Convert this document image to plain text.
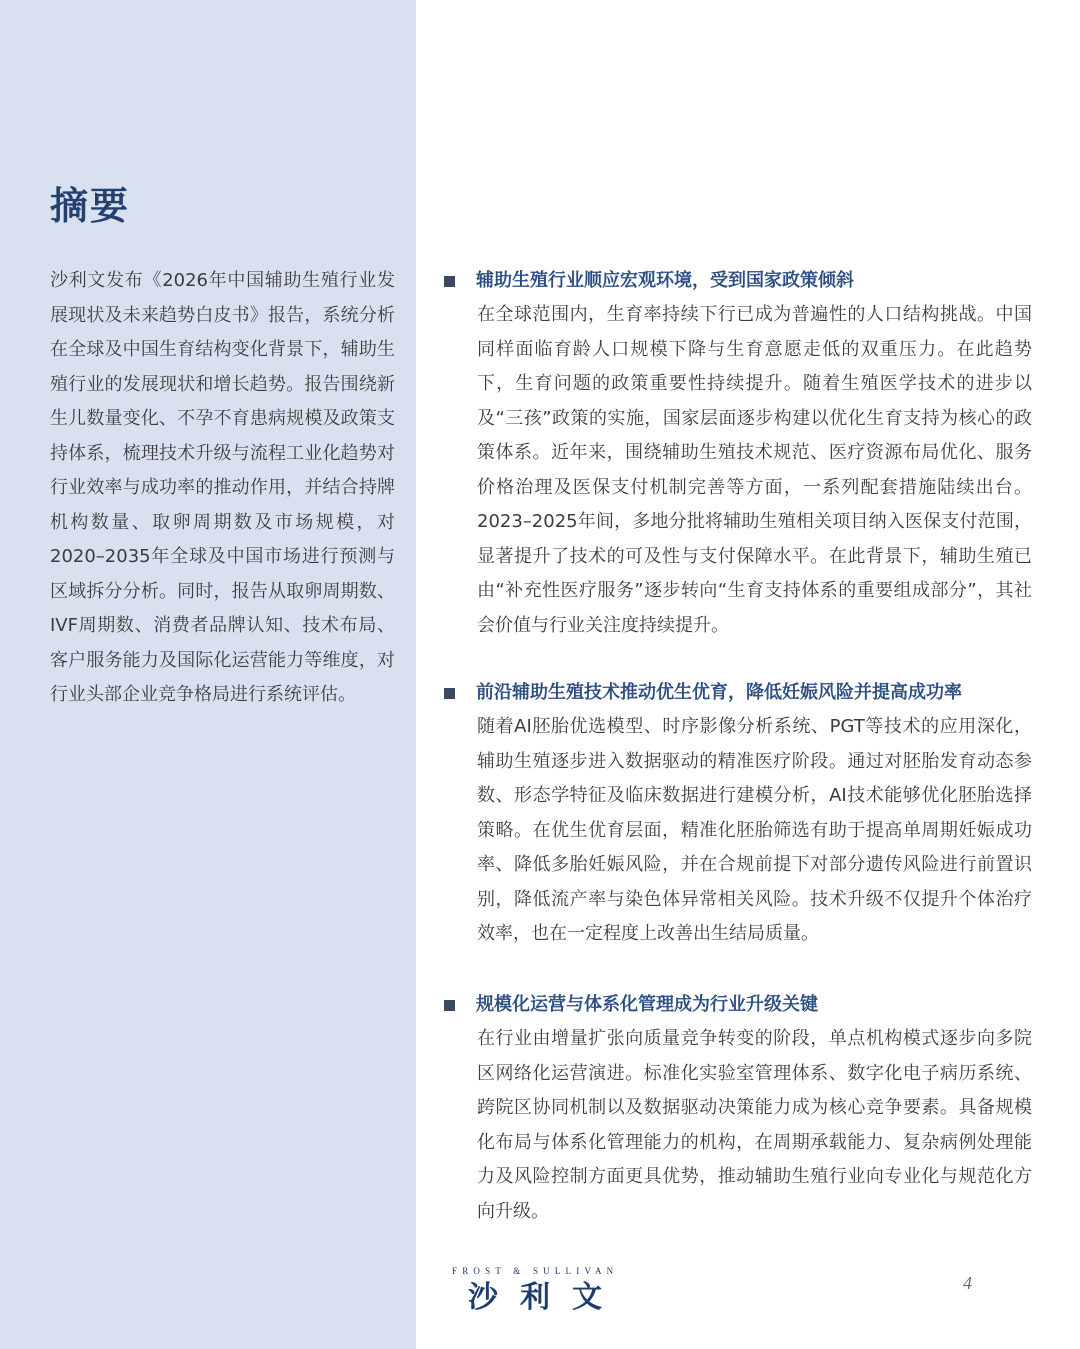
摘要
沙利文发布《2026年中国辅助生殖行业发展现状及未来趋势白皮书》报告，系统分析在全球及中国生育结构变化背景下，辅助生殖行业的发展现状和增长趋势。报告围绕新生儿数量变化、不孕不育患病规模及政策支持体系，梳理技术升级与流程工业化趋势对行业效率与成功率的推动作用，并结合持牌机构数量、取卵周期数及市场规模，对2020–2035年全球及中国市场进行预测与区域拆分分析。同时，报告从取卵周期数、IVF周期数、消费者品牌认知、技术布局、客户服务能力及国际化运营能力等维度，对行业头部企业竞争格局进行系统评估。
辅助生殖行业顺应宏观环境，受到国家政策倾斜
在全球范围内，生育率持续下行已成为普遍性的人口结构挑战。中国同样面临育龄人口规模下降与生育意愿走低的双重压力。在此趋势下，生育问题的政策重要性持续提升。随着生殖医学技术的进步以及“三孩”政策的实施，国家层面逐步构建以优化生育支持为核心的政策体系。近年来，围绕辅助生殖技术规范、医疗资源布局优化、服务价格治理及医保支付机制完善等方面，一系列配套措施陆续出台。2023–2025年间，多地分批将辅助生殖相关项目纳入医保支付范围，显著提升了技术的可及性与支付保障水平。在此背景下，辅助生殖已由“补充性医疗服务”逐步转向“生育支持体系的重要组成部分”，其社会价值与行业关注度持续提升。
前沿辅助生殖技术推动优生优育，降低妊娠风险并提高成功率
随着AI胚胎优选模型、时序影像分析系统、PGT等技术的应用深化，辅助生殖逐步进入数据驱动的精准医疗阶段。通过对胚胎发育动态参数、形态学特征及临床数据进行建模分析，AI技术能够优化胚胎选择策略。在优生优育层面，精准化胚胎筛选有助于提高单周期妊娠成功率、降低多胎妊娠风险，并在合规前提下对部分遗传风险进行前置识别，降低流产率与染色体异常相关风险。技术升级不仅提升个体治疗效率，也在一定程度上改善出生结局质量。
规模化运营与体系化管理成为行业升级关键
在行业由增量扩张向质量竞争转变的阶段，单点机构模式逐步向多院区网络化运营演进。标准化实验室管理体系、数字化电子病历系统、跨院区协同机制以及数据驱动决策能力成为核心竞争要素。具备规模化布局与体系化管理能力的机构，在周期承载能力、复杂病例处理能力及风险控制方面更具优势，推动辅助生殖行业向专业化与规范化方向升级。
FROST & SULLIVAN
沙利文	4
